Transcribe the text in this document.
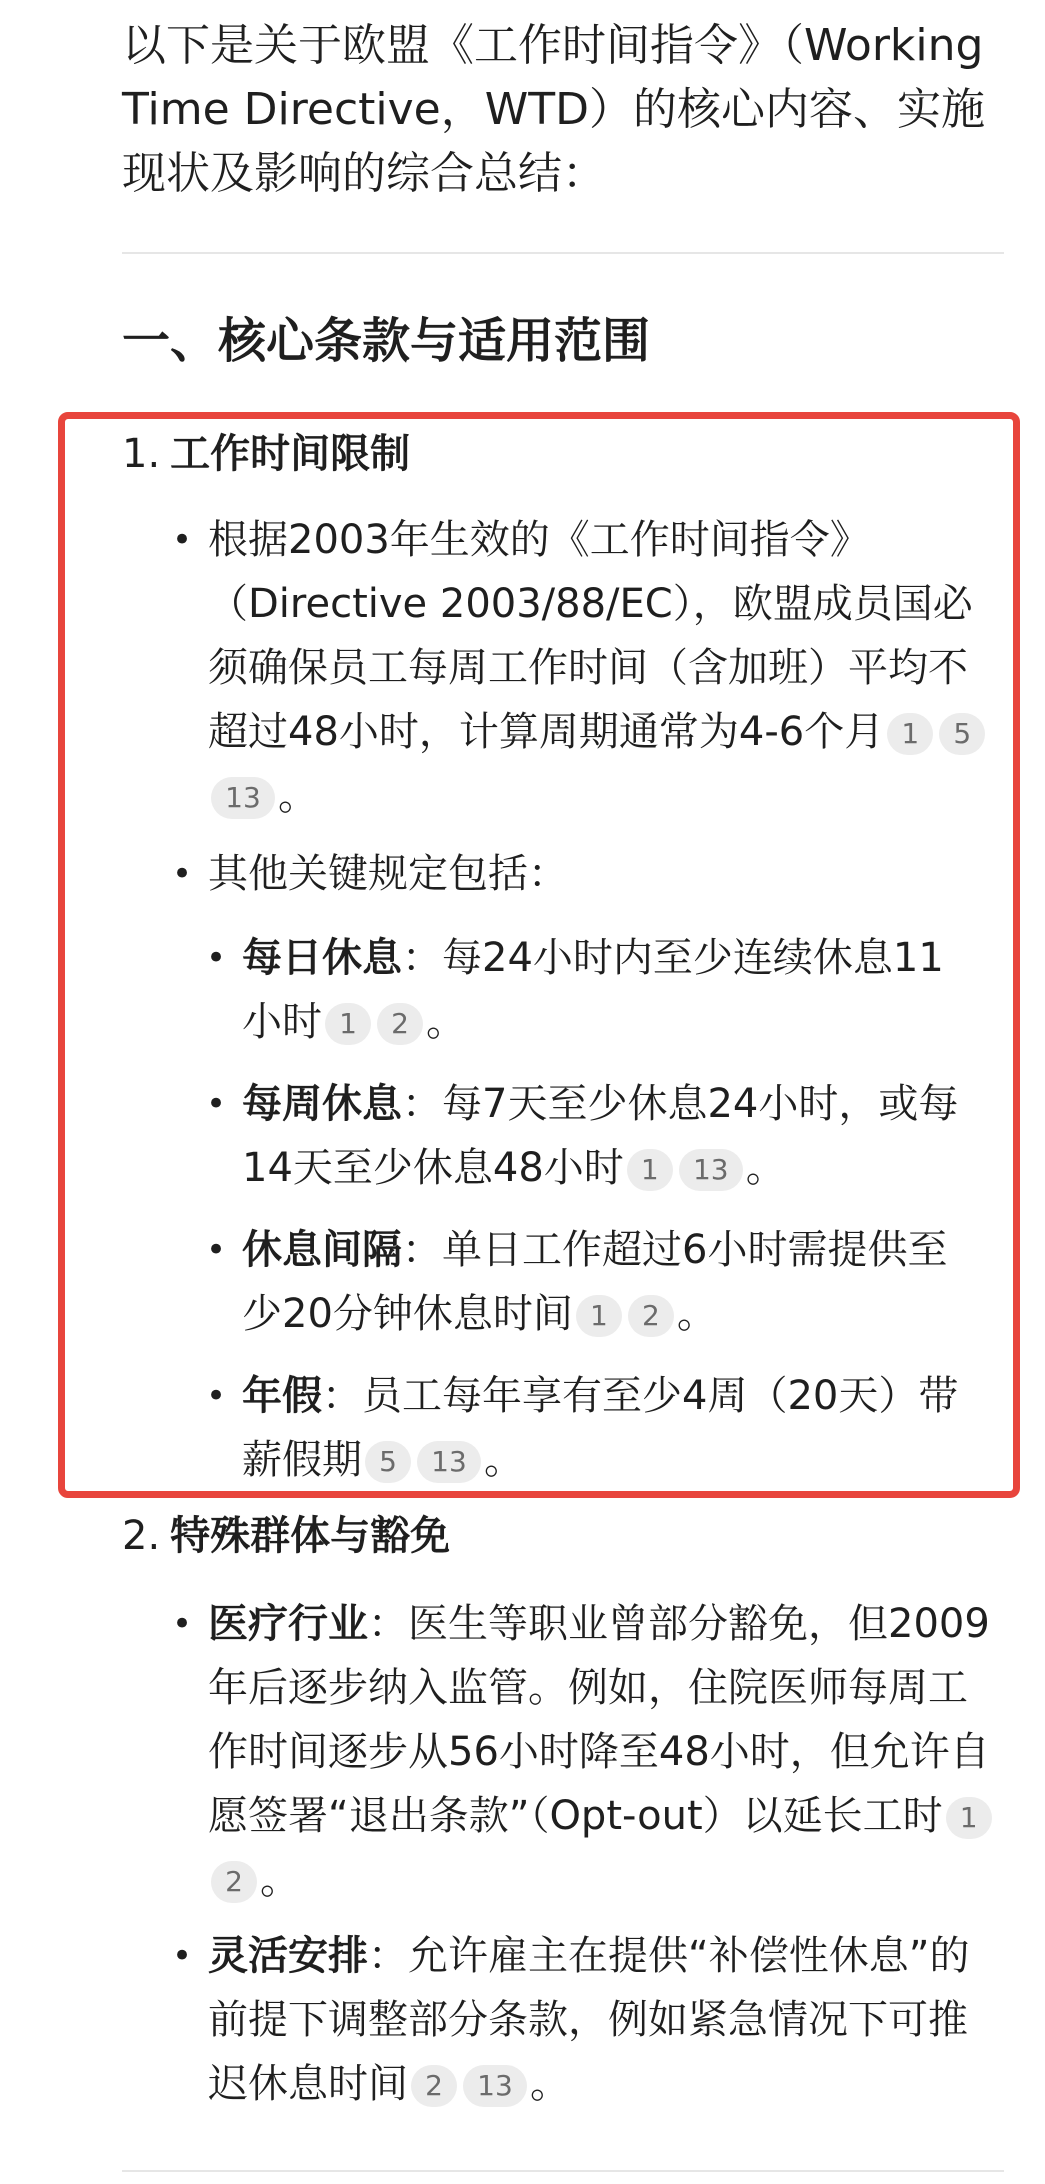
以下是关于欧盟《工作时间指令》（Working Time Directive，WTD）的核心内容、实施现状及影响的综合总结：

一、核心条款与适用范围

1. 工作时间限制

• 根据2003年生效的《工作时间指令》（Directive 2003/88/EC），欧盟成员国必须确保员工每周工作时间（含加班）平均不超过48小时，计算周期通常为4-6个月 1 513 。

• 其他关键规定包括：

• 每日休息：每24小时内至少连续休息11小时 1 2 。

• 每周休息：每7天至少休息24小时，或每14天至少休息48小时 1 13 。

• 休息间隔：单日工作超过6小时需提供至少20分钟休息时间 1 2 。

• 年假：员工每年享有至少4周（20天）带薪假期 5 13 。

2. 特殊群体与豁免

• 医疗行业：医生等职业曾部分豁免，但2009年后逐步纳入监管。例如，住院医师每周工作时间逐步从56小时降至48小时，但允许自愿签署“退出条款”（Opt-out）以延长工时 12 。

• 灵活安排：允许雇主在提供“补偿性休息”的前提下调整部分条款，例如紧急情况下可推迟休息时间 2 13 。
